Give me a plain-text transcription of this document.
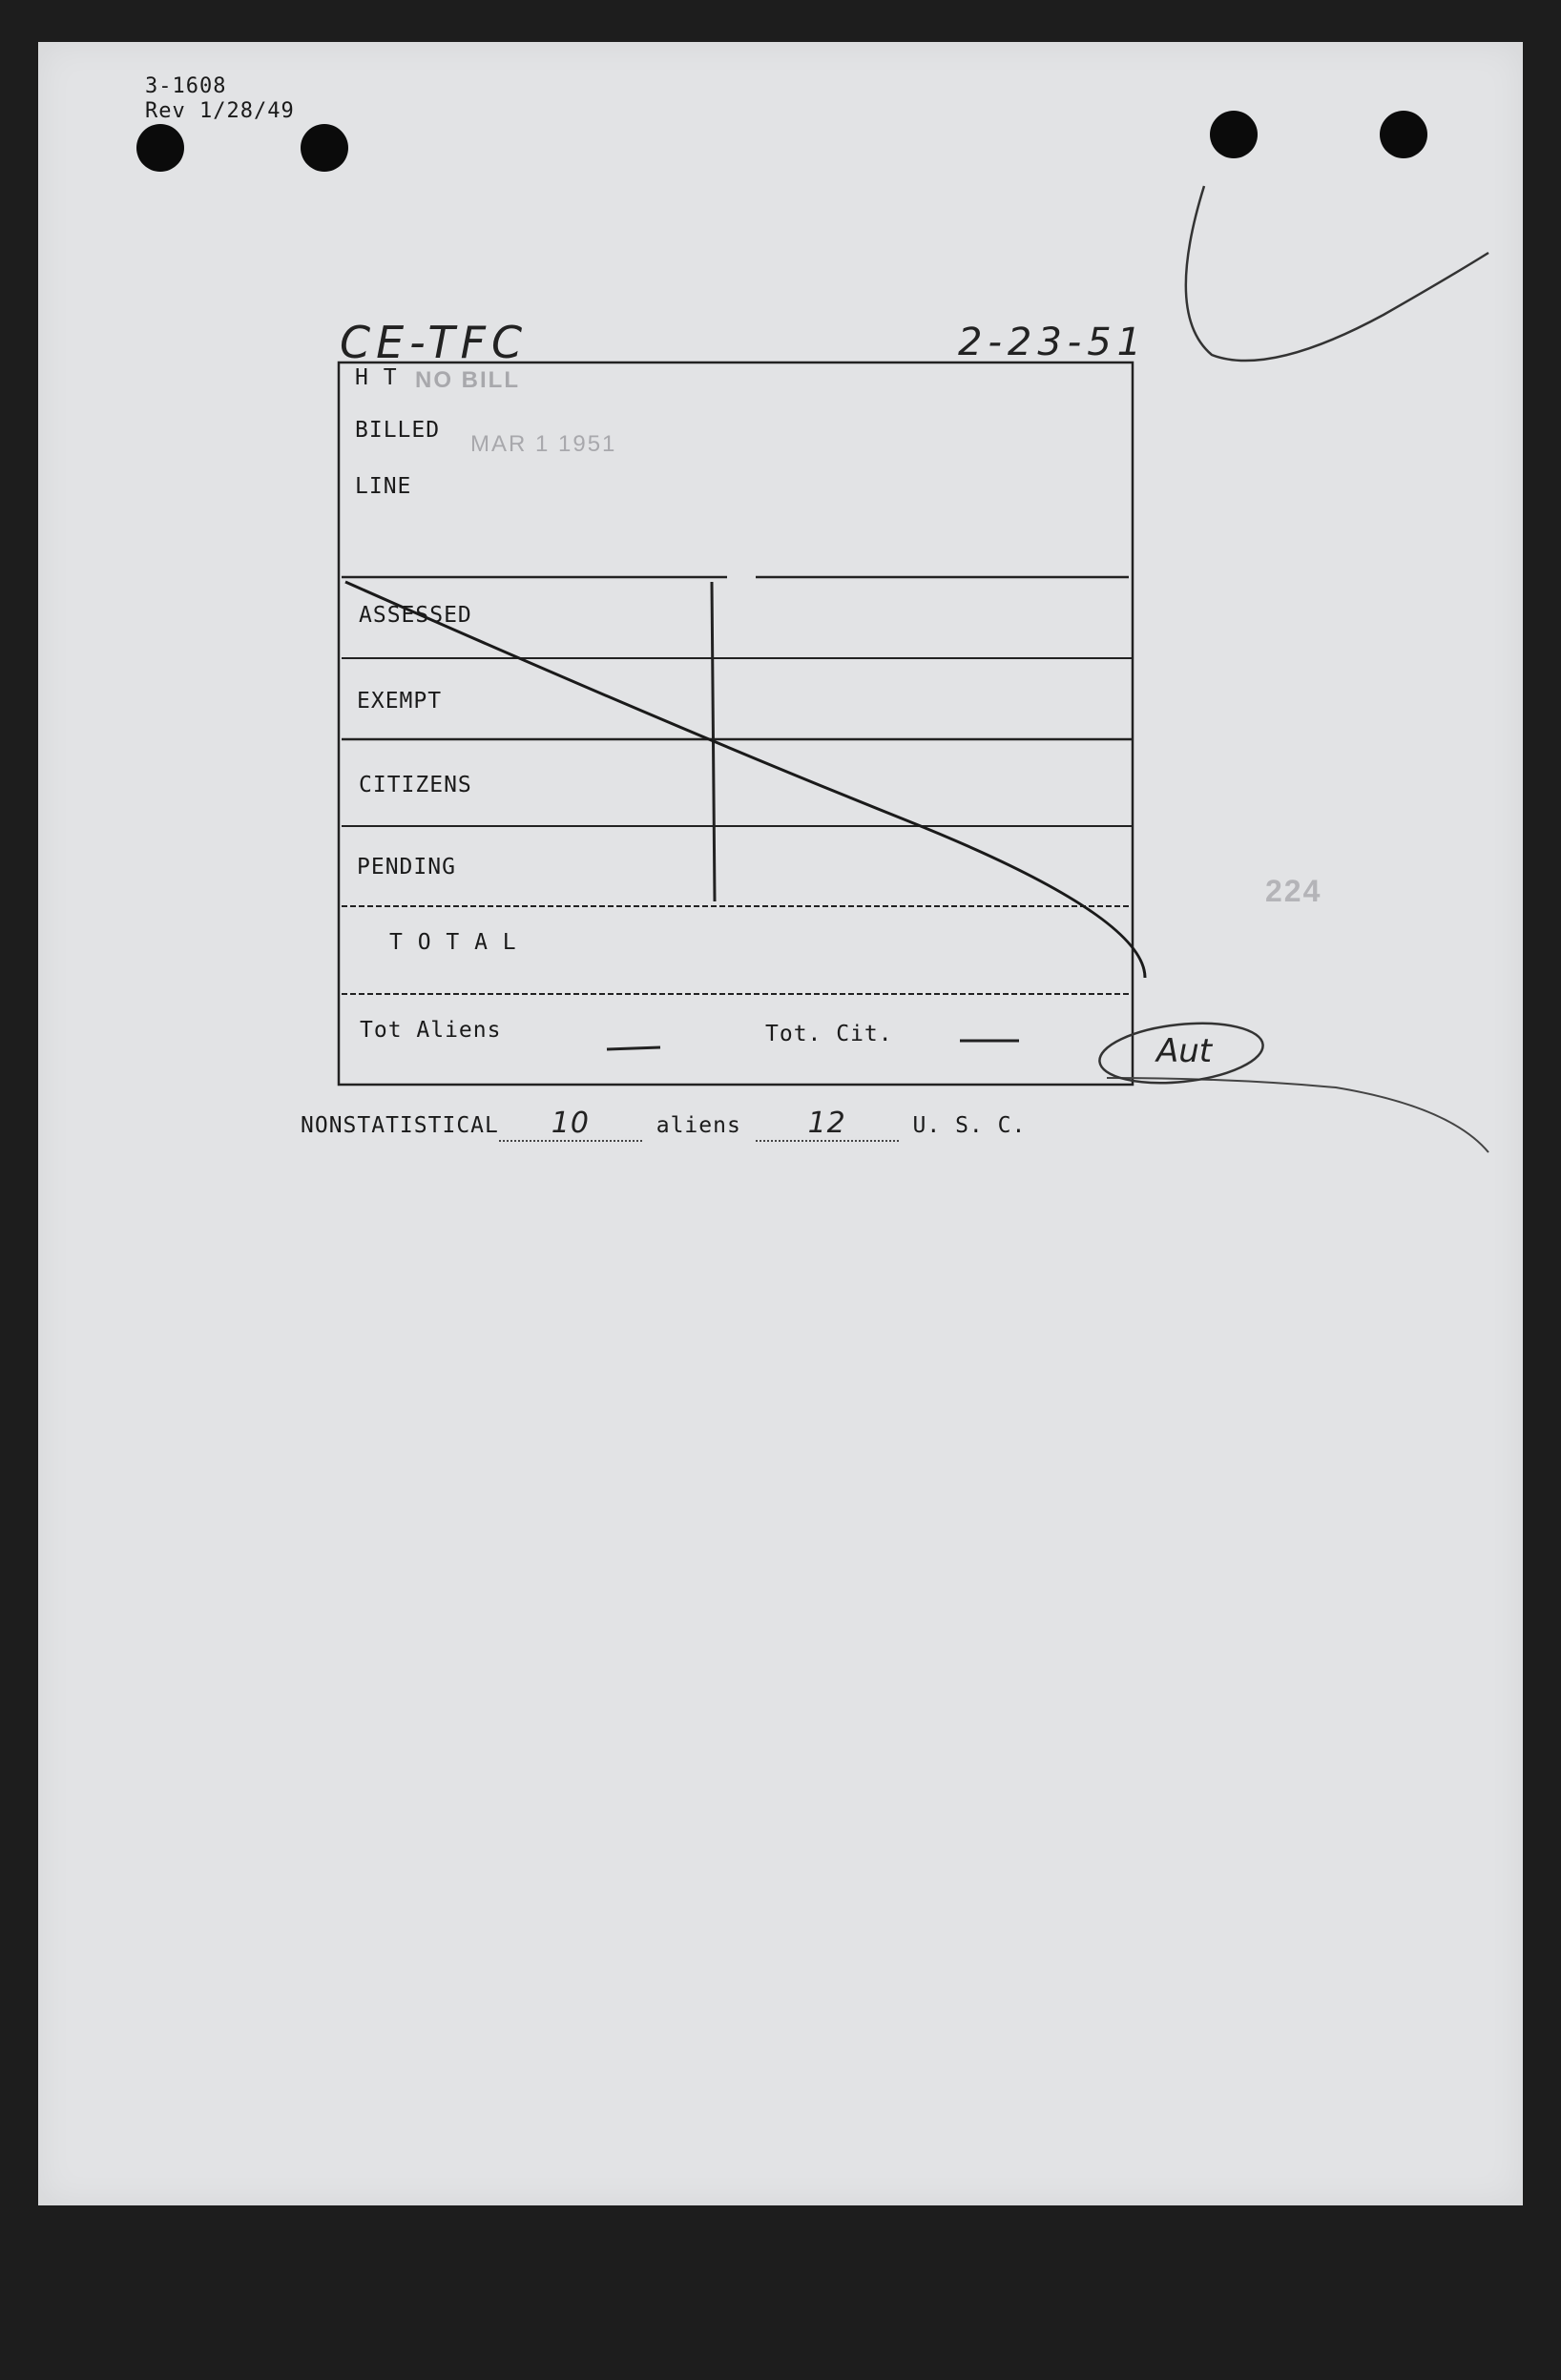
3-1608
Rev 1/28/49
CE-TFC	2-23-51
H T NO BILL
BILLED
MAR 1 1951
LINE
ASSESSED
EXEMPT
CITIZENS
PENDING
T O T A L
Tot Aliens	Tot. Cit.
224
Aut
NONSTATISTICAL 10	aliens 12	U. S. C.
